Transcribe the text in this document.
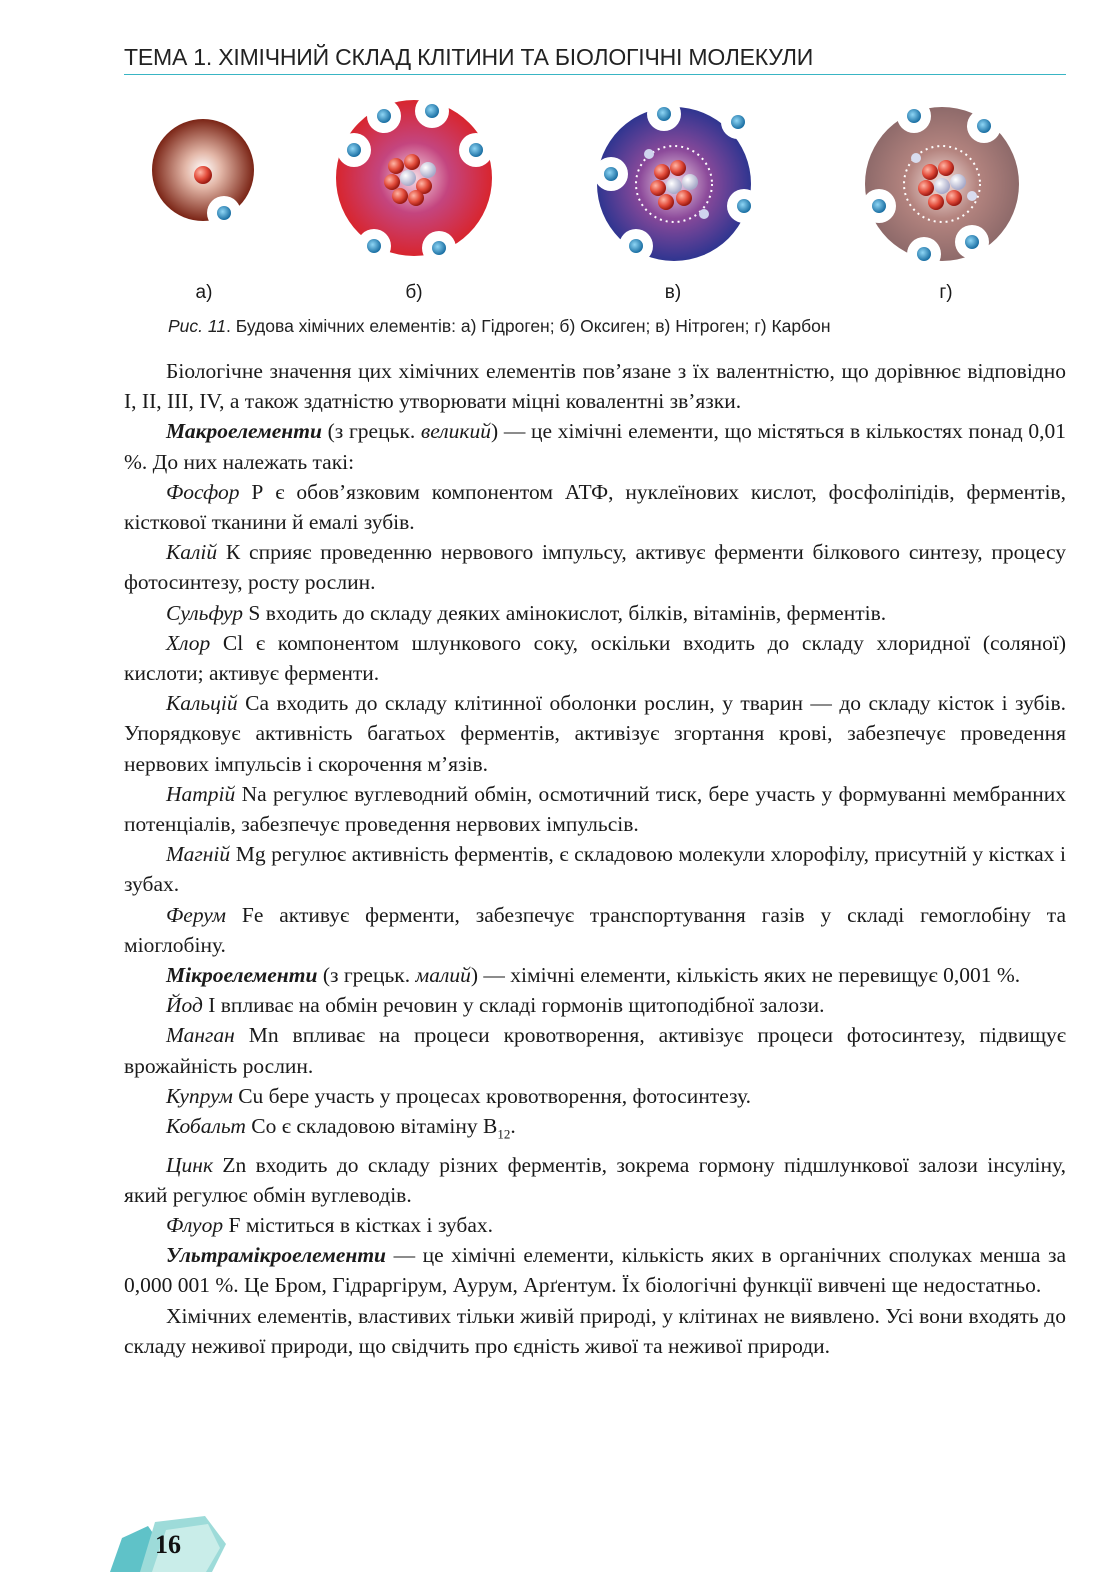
ТЕМА 1. ХІМІЧНИЙ СКЛАД КЛІТИНИ ТА БІОЛОГІЧНІ МОЛЕКУЛИ
а)	б)	в)	г)
Рис. 11. Будова хімічних елементів: а) Гідроген; б) Оксиген; в) Нітроген; г) Карбон

Біологічне значення цих хімічних елементів пов’язане з їх валентністю, що дорівнює відповідно І, ІІ, ІІІ, IV, а також здатністю утворювати міцні ковалентні зв’язки.

Макроелементи (з грецьк. великий) — це хімічні елементи, що містяться в кількостях понад 0,01 %. До них належать такі:

Фосфор Р є обов’язковим компонентом АТФ, нуклеїнових кислот, фосфоліпідів, ферментів, кісткової тканини й емалі зубів.

Калій К сприяє проведенню нервового імпульсу, активує ферменти білкового синтезу, процесу фотосинтезу, росту рослин.

Сульфур S входить до складу деяких амінокислот, білків, вітамінів, ферментів.

Хлор Cl є компонентом шлункового соку, оскільки входить до складу хлоридної (соляної) кислоти; активує ферменти.

Кальцій Са входить до складу клітинної оболонки рослин, у тварин — до складу кісток і зубів. Упорядковує активність багатьох ферментів, активізує згортання крові, забезпечує проведення нервових імпульсів і скорочення м’язів.

Натрій Na регулює вуглеводний обмін, осмотичний тиск, бере участь у формуванні мембранних потенціалів, забезпечує проведення нервових імпульсів.

Магній Mg регулює активність ферментів, є складовою молекули хлорофілу, присутній у кістках і зубах.

Ферум Fe активує ферменти, забезпечує транспортування газів у складі гемоглобіну та міоглобіну.

Мікроелементи (з грецьк. малий) — хімічні елементи, кількість яких не перевищує 0,001 %.

Йод І впливає на обмін речовин у складі гормонів щитоподібної залози.

Манган Mn впливає на процеси кровотворення, активізує процеси фотосинтезу, підвищує врожайність рослин.

Купрум Cu бере участь у процесах кровотворення, фотосинтезу.

Кобальт Со є складовою вітаміну $В_{12}$.

Цинк Zn входить до складу різних ферментів, зокрема гормону підшлункової залози інсуліну, який регулює обмін вуглеводів.

Флуор F міститься в кістках і зубах.

Ультрамікроелементи — це хімічні елементи, кількість яких в органічних сполуках менша за 0,000 001 %. Це Бром, Гідраргірум, Аурум, Арґентум. Їх біологічні функції вивчені ще недостатньо.

Хімічних елементів, властивих тільки живій природі, у клітинах не виявлено. Усі вони входять до складу неживої природи, що свідчить про єдність живої та неживої природи.

16
